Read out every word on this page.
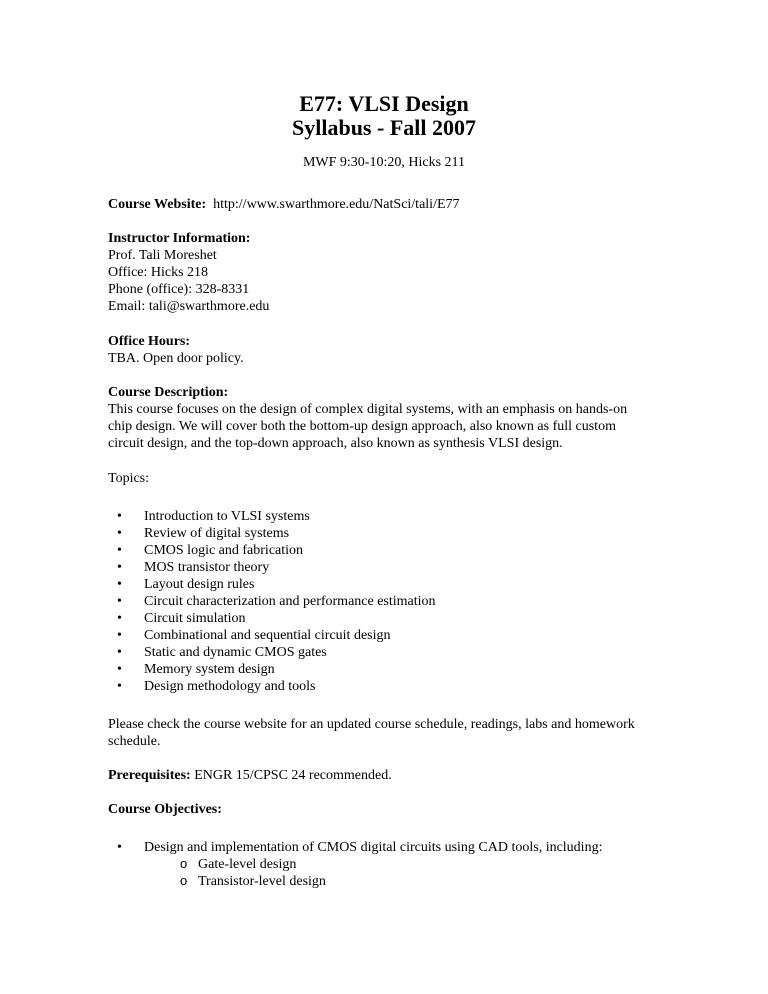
E77: VLSI Design
Syllabus - Fall 2007
MWF 9:30-10:20, Hicks 211
Course Website: http://www.swarthmore.edu/NatSci/tali/E77
Instructor Information:
Prof. Tali Moreshet
Office: Hicks 218
Phone (office): 328-8331
Email: tali@swarthmore.edu
Office Hours:
TBA. Open door policy.
Course Description:
This course focuses on the design of complex digital systems, with an emphasis on hands-on
chip design. We will cover both the bottom-up design approach, also known as full custom
circuit design, and the top-down approach, also known as synthesis VLSI design.
Topics:
• Introduction to VLSI systems
• Review of digital systems
• CMOS logic and fabrication
• MOS transistor theory
• Layout design rules
• Circuit characterization and performance estimation
• Circuit simulation
• Combinational and sequential circuit design
• Static and dynamic CMOS gates
• Memory system design
• Design methodology and tools
Please check the course website for an updated course schedule, readings, labs and homework
schedule.
Prerequisites: ENGR 15/CPSC 24 recommended.
Course Objectives:
• Design and implementation of CMOS digital circuits using CAD tools, including:
o Gate-level design
o Transistor-level design
